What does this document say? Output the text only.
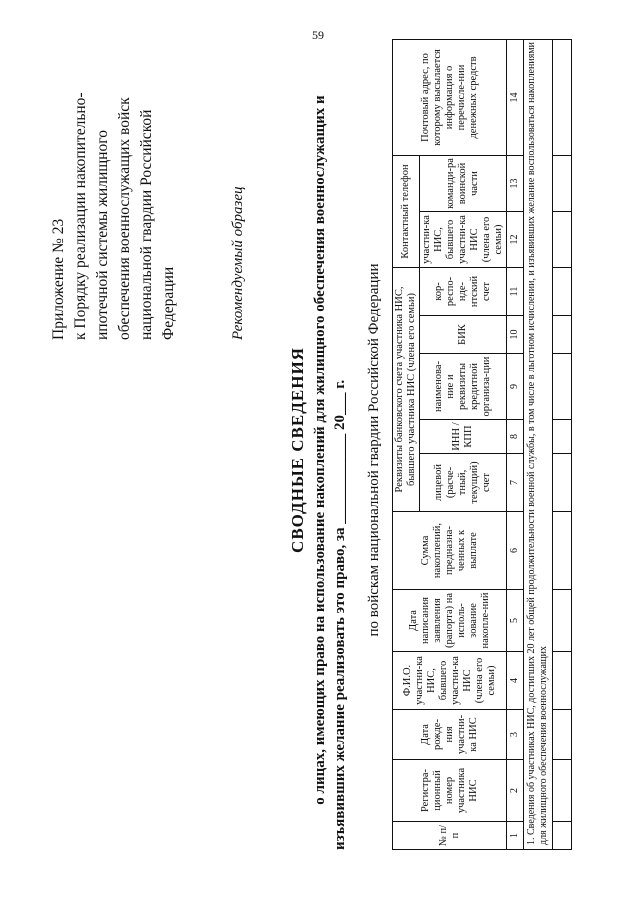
59
Приложение № 23 к Порядку реализации накопительно- ипотечной системы жилищного обеспечения военнослужащих войск национальной гвардии Российской Федерации	Рекомендуемый образец
СВОДНЫЕ СВЕДЕНИЯ о лицах, имеющих право на использование накоплений для жилищного обеспечения военнослужащих и изъявивших желание реализовать это право, за ____________ 20___ г. по войскам национальной гвардии Российской Федерации
№ п/п	Регистра-ционный номер участника НИС	Дата рожде-ния участни-ка НИС	Ф.И.О. участни-ка НИС, бывшего участни-ка НИС (члена его семьи)	Дата написания заявления (рапорта) на исполь-зование накопле-ний	Сумма накоплений, предназна-ченных к выплате	Реквизиты банковского счета участника НИС, бывшего участника НИС (члена его семьи)					Контактный телефон		Почтовый адрес, по которому высылается информация о перечисле-нии денежных средств
						лицевой (расче-тный, текущий) счет	ИНН / КПП	наименова-ние и реквизиты кредитной организа-ции	БИК	кор-респо-нде-нтский счет	участни-ка НИС, бывшего участни-ка НИС (члена его семьи)	команди-ра воинской части	
1	2	3	4	5	6	7	8	9	10	11	12	13	14
1. Сведения об участниках НИС, достигших 20 лет общей продолжительности военной службы, в том числе в льготном исчислении, и изъявивших желание воспользоваться накоплениями для жилищного обеспечения военнослужащих													
